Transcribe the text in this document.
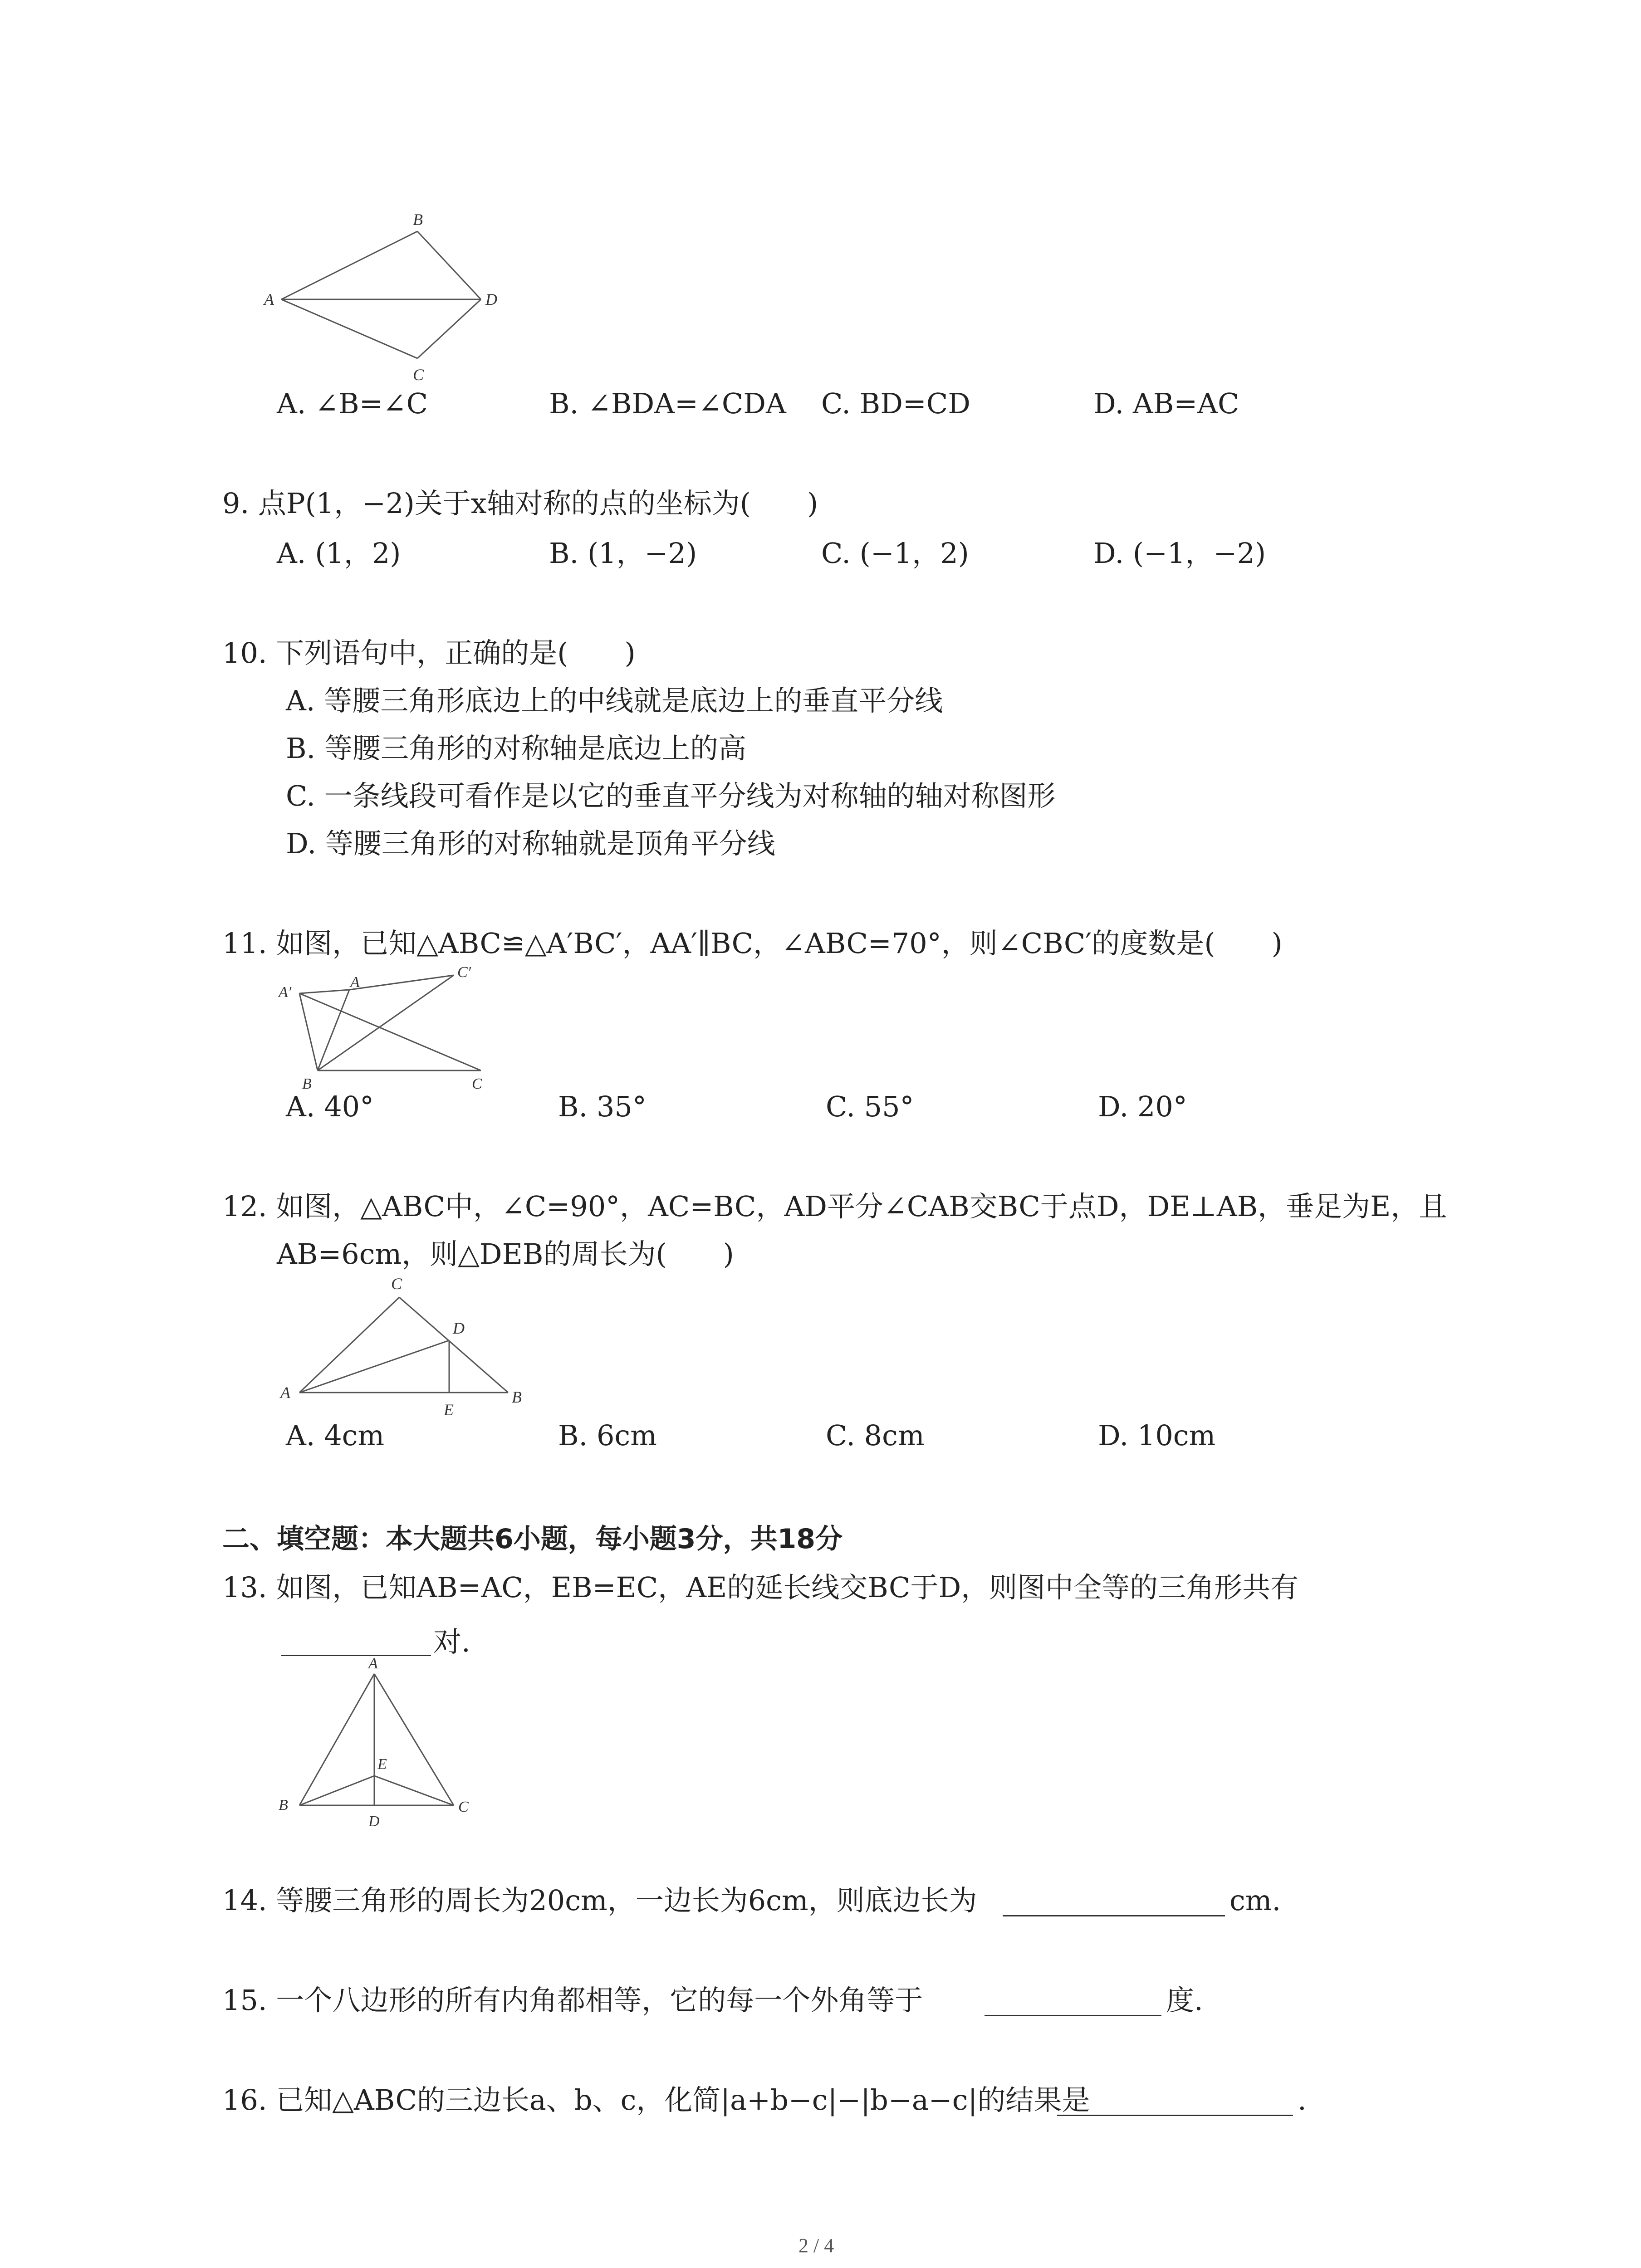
A
B
C
D
A. ∠B=∠C	B. ∠BDA=∠CDA C. BD=CD	D. AB=AC
9. 点P(1，−2)关于x轴对称的点的坐标为(　　)
A. (1，2)	B. (1，−2)	C. (−1，2)	D. (−1，−2)
10. 下列语句中，正确的是(　　)
A. 等腰三角形底边上的中线就是底边上的垂直平分线
B. 等腰三角形的对称轴是底边上的高
C. 一条线段可看作是以它的垂直平分线为对称轴的轴对称图形
D. 等腰三角形的对称轴就是顶角平分线
11. 如图，已知△ABC≌△A′BC′，AA′∥BC，∠ABC=70°，则∠CBC′的度数是(　　)
A′
A
C′
B	C
A. 40°	B. 35°	C. 55°	D. 20°
12. 如图，△ABC中，∠C=90°，AC=BC，AD平分∠CAB交BC于点D，DE⊥AB，垂足为E，且
AB=6cm，则△DEB的周长为(　　)
C
D
A
E
B
A. 4cm	B. 6cm	C. 8cm	D. 10cm
二、填空题：本大题共6小题，每小题3分，共18分
13. 如图，已知AB=AC，EB=EC，AE的延长线交BC于D，则图中全等的三角形共有
对.
A
E
B
D
C
14. 等腰三角形的周长为20cm，一边长为6cm，则底边长为	cm.
15. 一个八边形的所有内角都相等，它的每一个外角等于	度.
16. 已知△ABC的三边长a、b、c，化简|a+b−c|−|b−a−c|的结果是	.
2 / 4
